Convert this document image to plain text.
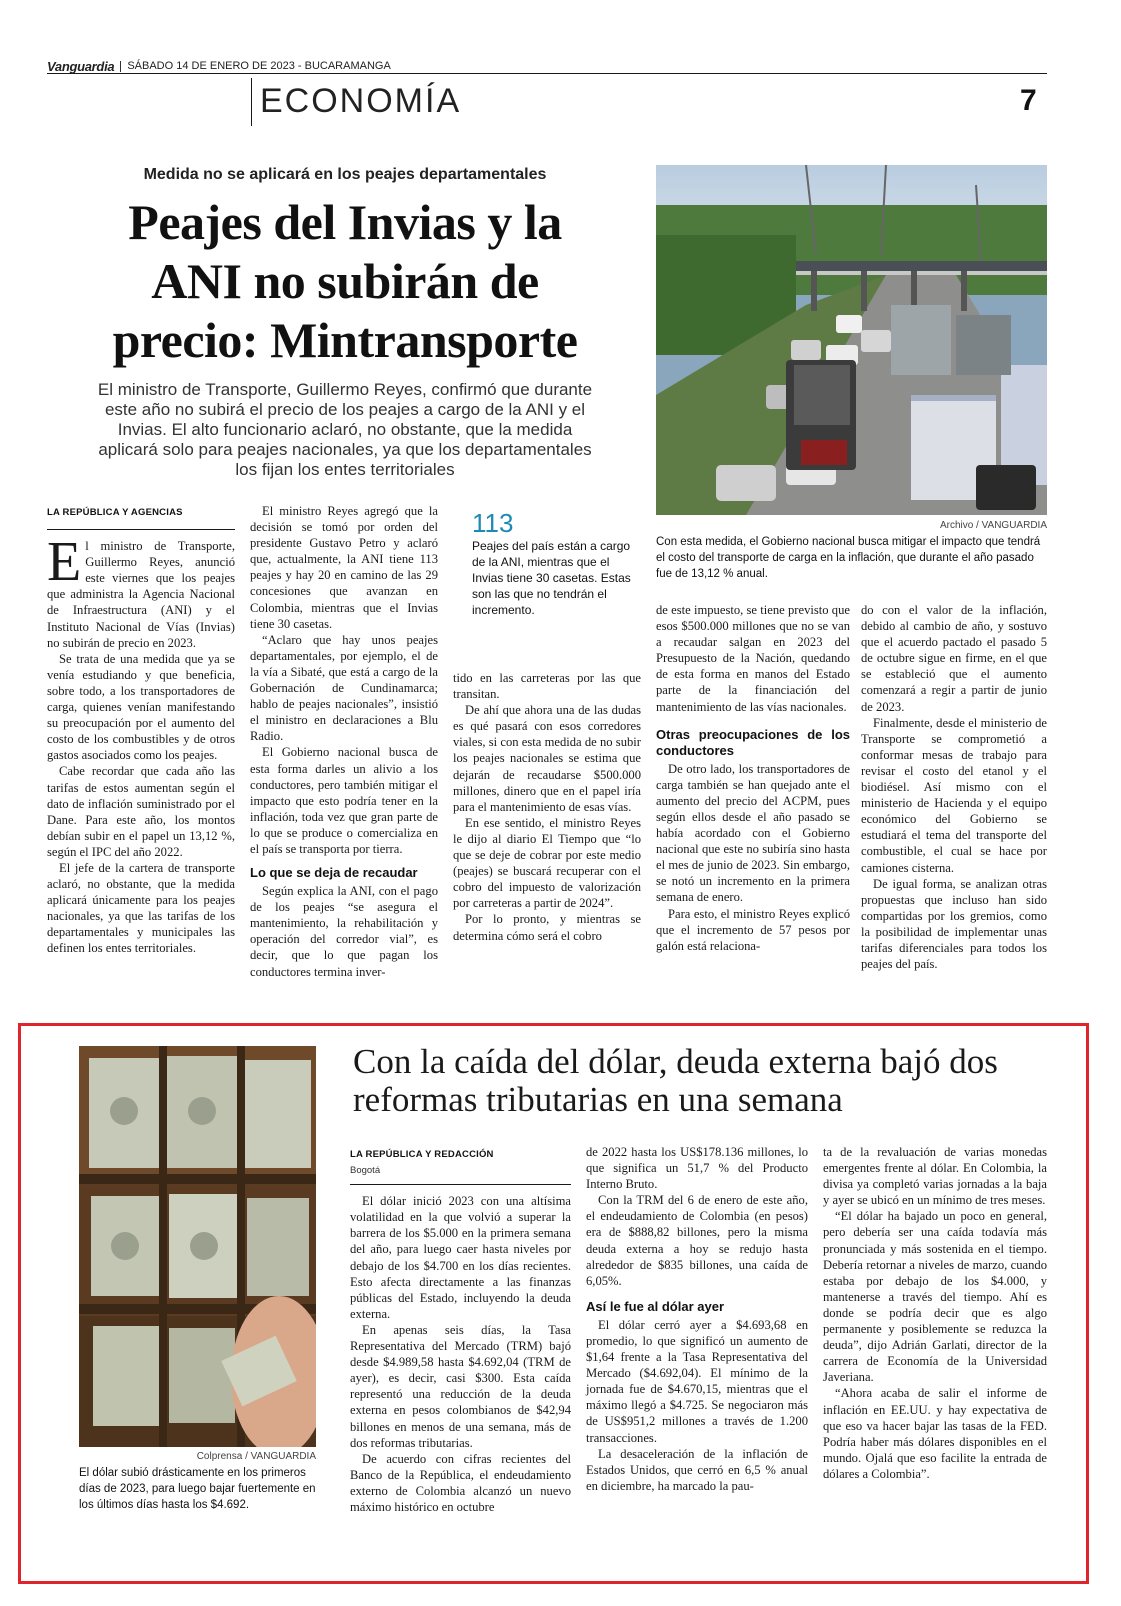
Vanguardia SÁBADO 14 DE ENERO DE 2023 - BUCARAMANGA
ECONOMÍA	7
Medida no se aplicará en los peajes departamentales
Peajes del Invias y la ANI no subirán de precio: Mintransporte
El ministro de Transporte, Guillermo Reyes, confirmó que durante este año no subirá el precio de los peajes a cargo de la ANI y el Invias. El alto funcionario aclaró, no obstante, que la medida aplicará solo para peajes nacionales, ya que los departamentales los fijan los entes territoriales
Archivo / VANGUARDIA
Con esta medida, el Gobierno nacional busca mitigar el impacto que tendrá el costo del transporte de carga en la inflación, que durante el año pasado fue de 13,12 % anual.
LA REPÚBLICA Y AGENCIAS

El ministro de Transporte, Guillermo Reyes, anunció este viernes que los peajes que administra la Agencia Nacional de Infraestructura (ANI) y el Instituto Nacional de Vías (Invias) no subirán de precio en 2023.

Se trata de una medida que ya se venía estudiando y que beneficia, sobre todo, a los transportadores de carga, quienes venían manifestando su preocupación por el aumento del costo de los combustibles y de otros gastos asociados como los peajes.

Cabe recordar que cada año las tarifas de estos aumentan según el dato de inflación suministrado por el Dane. Para este año, los montos debían subir en el papel un 13,12 %, según el IPC del año 2022.

El jefe de la cartera de transporte aclaró, no obstante, que la medida aplicará únicamente para los peajes nacionales, ya que las tarifas de los departamentales y municipales las definen los entes territoriales.

El ministro Reyes agregó que la decisión se tomó por orden del presidente Gustavo Petro y aclaró que, actualmente, la ANI tiene 113 peajes y hay 20 en camino de las 29 concesiones que avanzan en Colombia, mientras que el Invias tiene 30 casetas.

“Aclaro que hay unos peajes departamentales, por ejemplo, el de la vía a Sibaté, que está a cargo de la Gobernación de Cundinamarca; hablo de peajes nacionales”, insistió el ministro en declaraciones a Blu Radio.

El Gobierno nacional busca de esta forma darles un alivio a los conductores, pero también mitigar el impacto que esto podría tener en la inflación, toda vez que gran parte de lo que se produce o comercializa en el país se transporta por tierra.

Lo que se deja de recaudar

Según explica la ANI, con el pago de los peajes “se asegura el mantenimiento, la rehabilitación y operación del corredor vial”, es decir, que lo que pagan los conductores termina inver-

113
Peajes del país están a cargo de la ANI, mientras que el Invias tiene 30 casetas. Estas son las que no tendrán el incremento.

tido en las carreteras por las que transitan.

De ahí que ahora una de las dudas es qué pasará con esos corredores viales, si con esta medida de no subir los peajes nacionales se estima que dejarán de recaudarse $500.000 millones, dinero que en el papel iría para el mantenimiento de esas vías.

En ese sentido, el ministro Reyes le dijo al diario El Tiempo que “lo que se deje de cobrar por este medio (peajes) se buscará recuperar con el cobro del impuesto de valorización por carreteras a partir de 2024”.

Por lo pronto, y mientras se determina cómo será el cobro

de este impuesto, se tiene previsto que esos $500.000 millones que no se van a recaudar salgan en 2023 del Presupuesto de la Nación, quedando de esta forma en manos del Estado parte de la financiación del mantenimiento de las vías nacionales.

Otras preocupaciones de los conductores

De otro lado, los transportadores de carga también se han quejado ante el aumento del precio del ACPM, pues según ellos desde el año pasado se había acordado con el Gobierno nacional que este no subiría sino hasta el mes de junio de 2023. Sin embargo, se notó un incremento en la primera semana de enero.

Para esto, el ministro Reyes explicó que el incremento de 57 pesos por galón está relaciona-

do con el valor de la inflación, debido al cambio de año, y sostuvo que el acuerdo pactado el pasado 5 de octubre sigue en firme, en el que se estableció que el aumento comenzará a regir a partir de junio de 2023.

Finalmente, desde el ministerio de Transporte se comprometió a conformar mesas de trabajo para revisar el costo del etanol y el biodiésel. Así mismo con el ministerio de Hacienda y el equipo económico del Gobierno se estudiará el tema del transporte del combustible, el cual se hace por camiones cisterna.

De igual forma, se analizan otras propuestas que incluso han sido compartidas por los gremios, como la posibilidad de implementar unas tarifas diferenciales para todos los peajes del país.

Colprensa / VANGUARDIA
El dólar subió drásticamente en los primeros días de 2023, para luego bajar fuertemente en los últimos días hasta los $4.692.
Con la caída del dólar, deuda externa bajó dos reformas tributarias en una semana
LA REPÚBLICA Y REDACCIÓN
Bogotá

El dólar inició 2023 con una altísima volatilidad en la que volvió a superar la barrera de los $5.000 en la primera semana del año, para luego caer hasta niveles por debajo de los $4.700 en los días recientes. Esto afecta directamente a las finanzas públicas del Estado, incluyendo la deuda externa.

En apenas seis días, la Tasa Representativa del Mercado (TRM) bajó desde $4.989,58 hasta $4.692,04 (TRM de ayer), es decir, casi $300. Esta caída representó una reducción de la deuda externa en pesos colombianos de $42,94 billones en menos de una semana, más de dos reformas tributarias.

De acuerdo con cifras recientes del Banco de la República, el endeudamiento externo de Colombia alcanzó un nuevo máximo histórico en octubre

de 2022 hasta los US$178.136 millones, lo que significa un 51,7 % del Producto Interno Bruto.

Con la TRM del 6 de enero de este año, el endeudamiento de Colombia (en pesos) era de $888,82 billones, pero la misma deuda externa a hoy se redujo hasta alrededor de $835 billones, una caída de 6,05%.

Así le fue al dólar ayer

El dólar cerró ayer a $4.693,68 en promedio, lo que significó un aumento de $1,64 frente a la Tasa Representativa del Mercado ($4.692,04). El mínimo de la jornada fue de $4.670,15, mientras que el máximo llegó a $4.725. Se negociaron más de US$951,2 millones a través de 1.200 transacciones.

La desaceleración de la inflación de Estados Unidos, que cerró en 6,5 % anual en diciembre, ha marcado la pau-

ta de la revaluación de varias monedas emergentes frente al dólar. En Colombia, la divisa ya completó varias jornadas a la baja y ayer se ubicó en un mínimo de tres meses.

“El dólar ha bajado un poco en general, pero debería ser una caída todavía más pronunciada y más sostenida en el tiempo. Debería retornar a niveles de marzo, cuando estaba por debajo de los $4.000, y mantenerse a través del tiempo. Ahí es donde se podría decir que es algo permanente y posiblemente se reduzca la deuda”, dijo Adrián Garlati, director de la carrera de Economía de la Universidad Javeriana.

“Ahora acaba de salir el informe de inflación en EE.UU. y hay expectativa de que eso va hacer bajar las tasas de la FED. Podría haber más dólares disponibles en el mundo. Ojalá que eso facilite la entrada de dólares a Colombia”.
